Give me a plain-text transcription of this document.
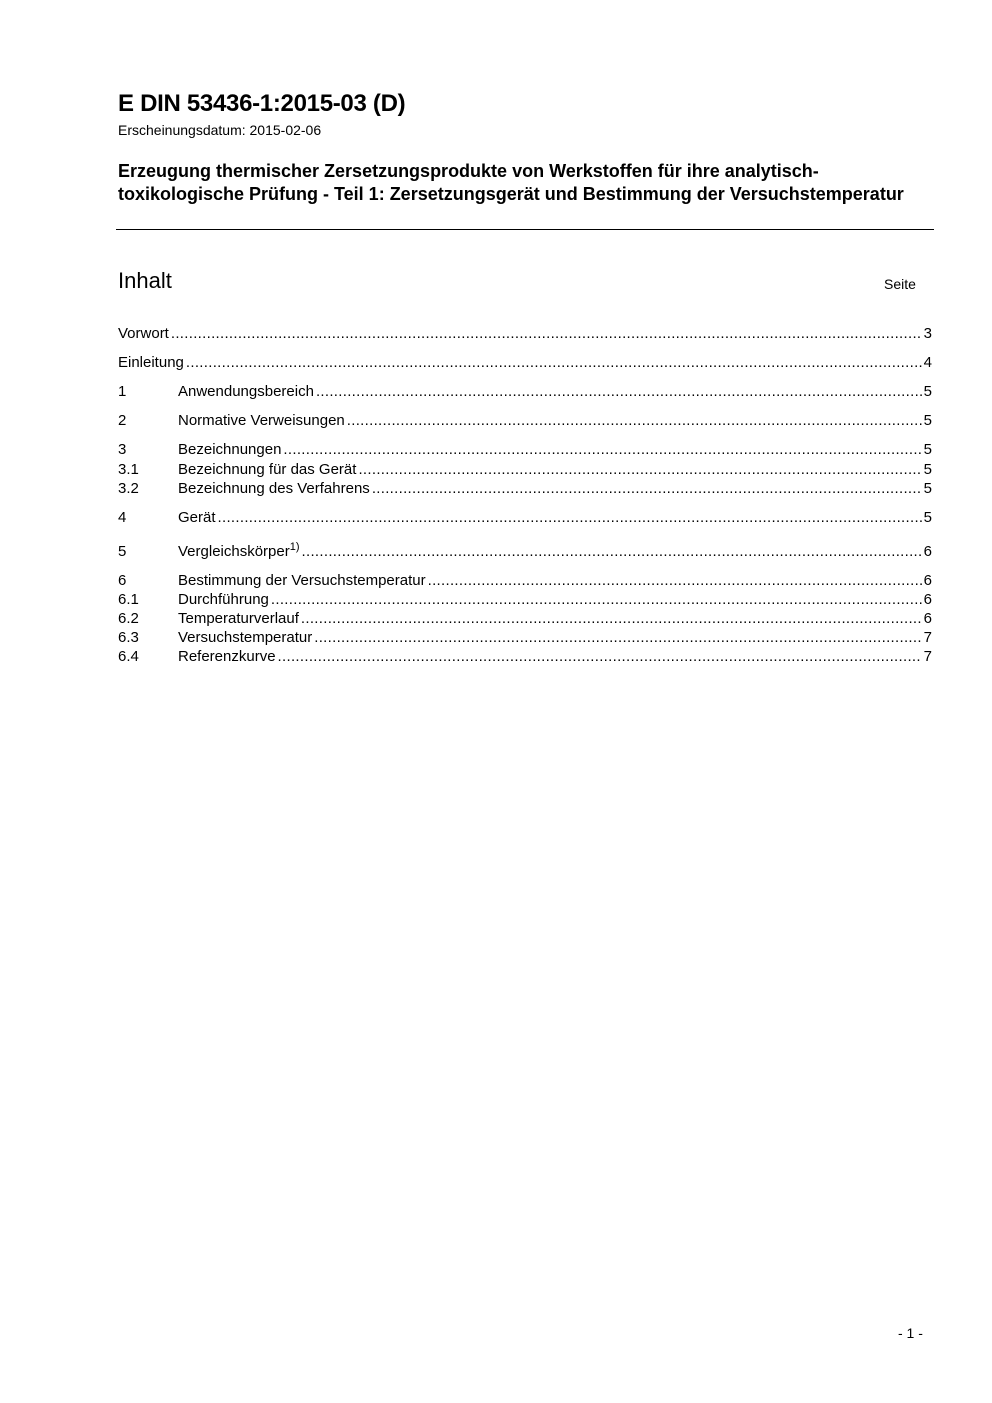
E DIN 53436-1:2015-03 (D)
Erscheinungsdatum: 2015-02-06
Erzeugung thermischer Zersetzungsprodukte von Werkstoffen für ihre analytisch-toxikologische Prüfung - Teil 1: Zersetzungsgerät und Bestimmung der Versuchstemperatur
Inhalt	Seite
Vorwort .....	3
Einleitung .....	4
1	Anwendungsbereich .....	5
2	Normative Verweisungen .....	5
3	Bezeichnungen .....	5
3.1	Bezeichnung für das Gerät .....	5
3.2	Bezeichnung des Verfahrens .....	5
4	Gerät .....	5
5	Vergleichskörper$^{1)}$ .....	6
6	Bestimmung der Versuchstemperatur .....	6
6.1	Durchführung .....	6
6.2	Temperaturverlauf .....	6
6.3	Versuchstemperatur .....	7
6.4	Referenzkurve .....	7
- 1 -
